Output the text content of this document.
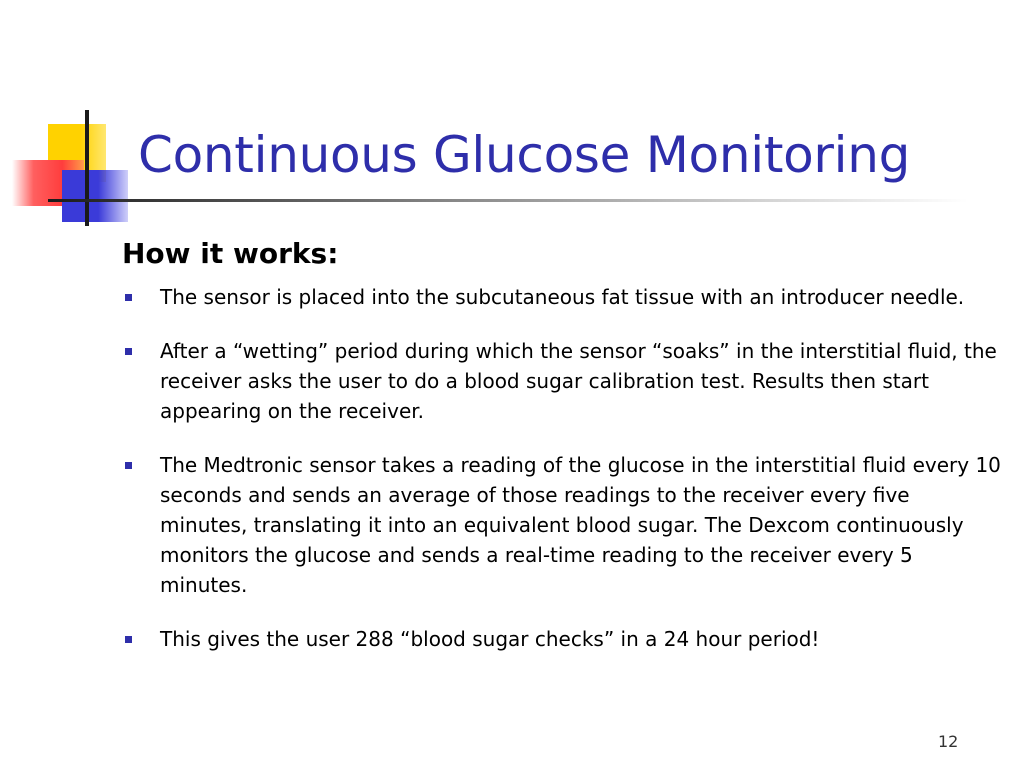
Continuous Glucose Monitoring
How it works:
The sensor is placed into the subcutaneous fat tissue with an introducer needle.
After a “wetting” period during which the sensor “soaks” in the interstitial fluid, the receiver asks the user to do a blood sugar calibration test. Results then start appearing on the receiver.
The Medtronic sensor takes a reading of the glucose in the interstitial fluid every 10 seconds and sends an average of those readings to the receiver every five minutes, translating it into an equivalent blood sugar. The Dexcom continuously monitors the glucose and sends a real-time reading to the receiver every 5 minutes.
This gives the user 288 “blood sugar checks” in a 24 hour period!
12
